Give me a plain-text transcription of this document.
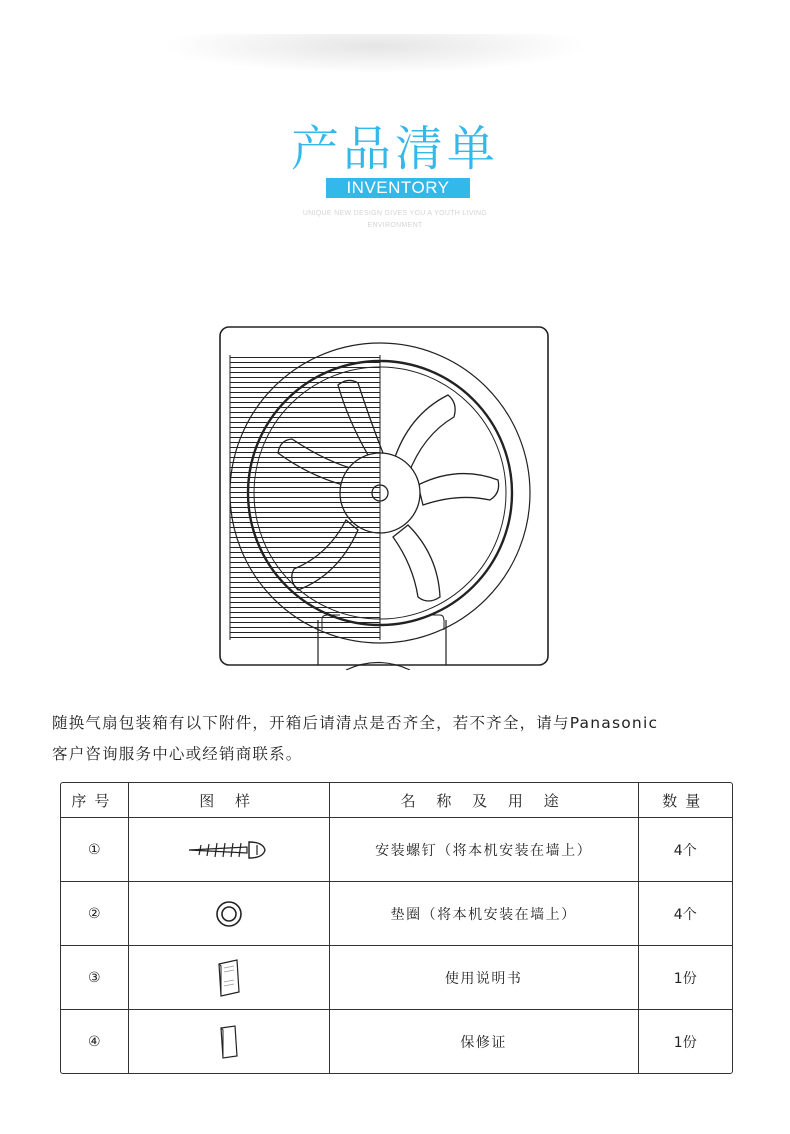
产品清单
INVENTORY
UNIQUE NEW DESIGN GIVES YOU A YOUTH LIVING
ENVIRONMENT
随换气扇包装箱有以下附件，开箱后请清点是否齐全，若不齐全，请与Panasonic
客户咨询服务中心或经销商联系。
序号	图 样	名 称 及 用 途	数量
①		安装螺钉（将本机安装在墙上）	4个
②		垫圈（将本机安装在墙上）	4个
③		使用说明书	1份
④		保修证	1份
